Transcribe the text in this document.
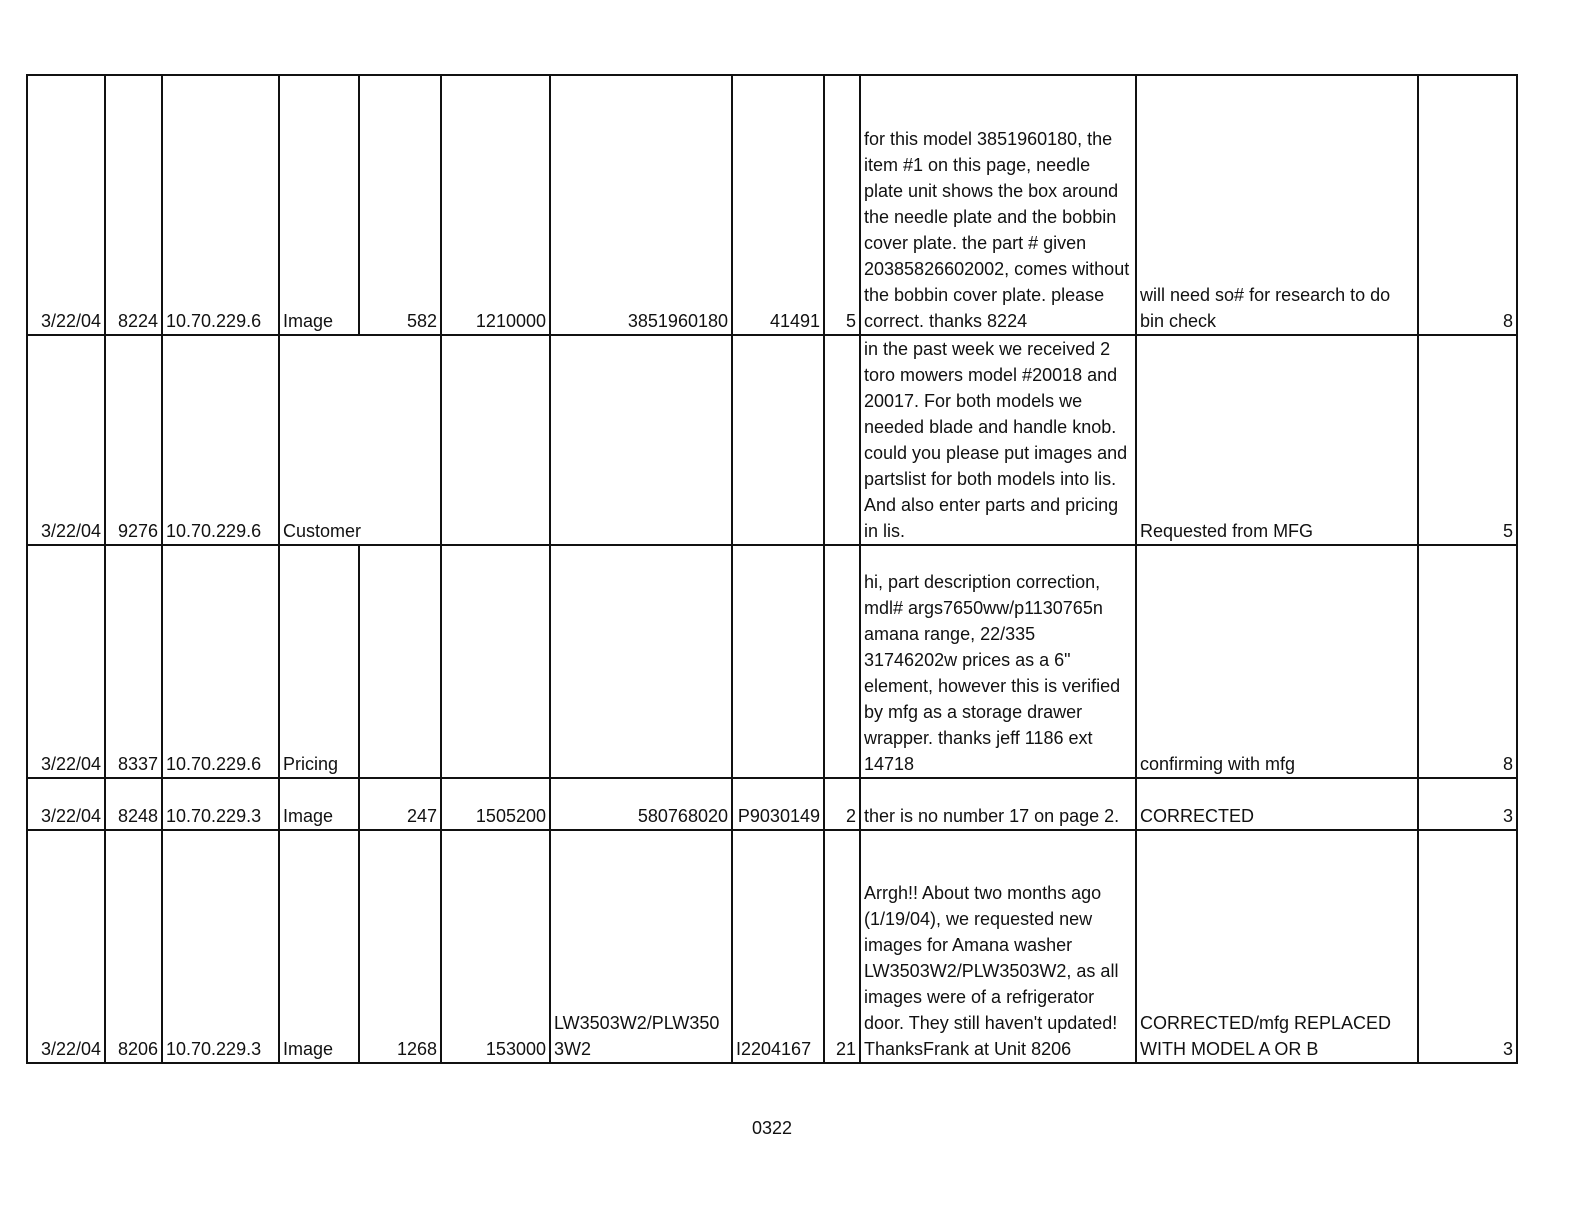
3/22/04	8224	10.70.229.6	Image	582	1210000	3851960180	41491	5	for this model 3851960180, the item #1 on this page, needle plate unit shows the box around the needle plate and the bobbin cover plate. the part # given 20385826602002, comes without the bobbin cover plate. please correct. thanks 8224	will need so# for research to do bin check	8
3/22/04	9276	10.70.229.6	Customer						in the past week we received 2 toro mowers model #20018 and 20017. For both models we needed blade and handle knob. could you please put images and partslist for both models into lis. And also enter parts and pricing in lis.	Requested from MFG	5
3/22/04	8337	10.70.229.6	Pricing						hi, part description correction, mdl# args7650ww/p1130765n amana range, 22/335 31746202w prices as a 6" element, however this is verified by mfg as a storage drawer wrapper. thanks jeff 1186 ext 14718	confirming with mfg	8
3/22/04	8248	10.70.229.3	Image	247	1505200	580768020	P9030149	2	ther is no number 17 on page 2.	CORRECTED	3
3/22/04	8206	10.70.229.3	Image	1268	153000	LW3503W2/PLW3503W2	I2204167	21	Arrgh!! About two months ago (1/19/04), we requested new images for Amana washer LW3503W2/PLW3503W2, as all images were of a refrigerator door. They still haven't updated! ThanksFrank at Unit 8206	CORRECTED/mfg REPLACED WITH MODEL A OR B	3
0322
